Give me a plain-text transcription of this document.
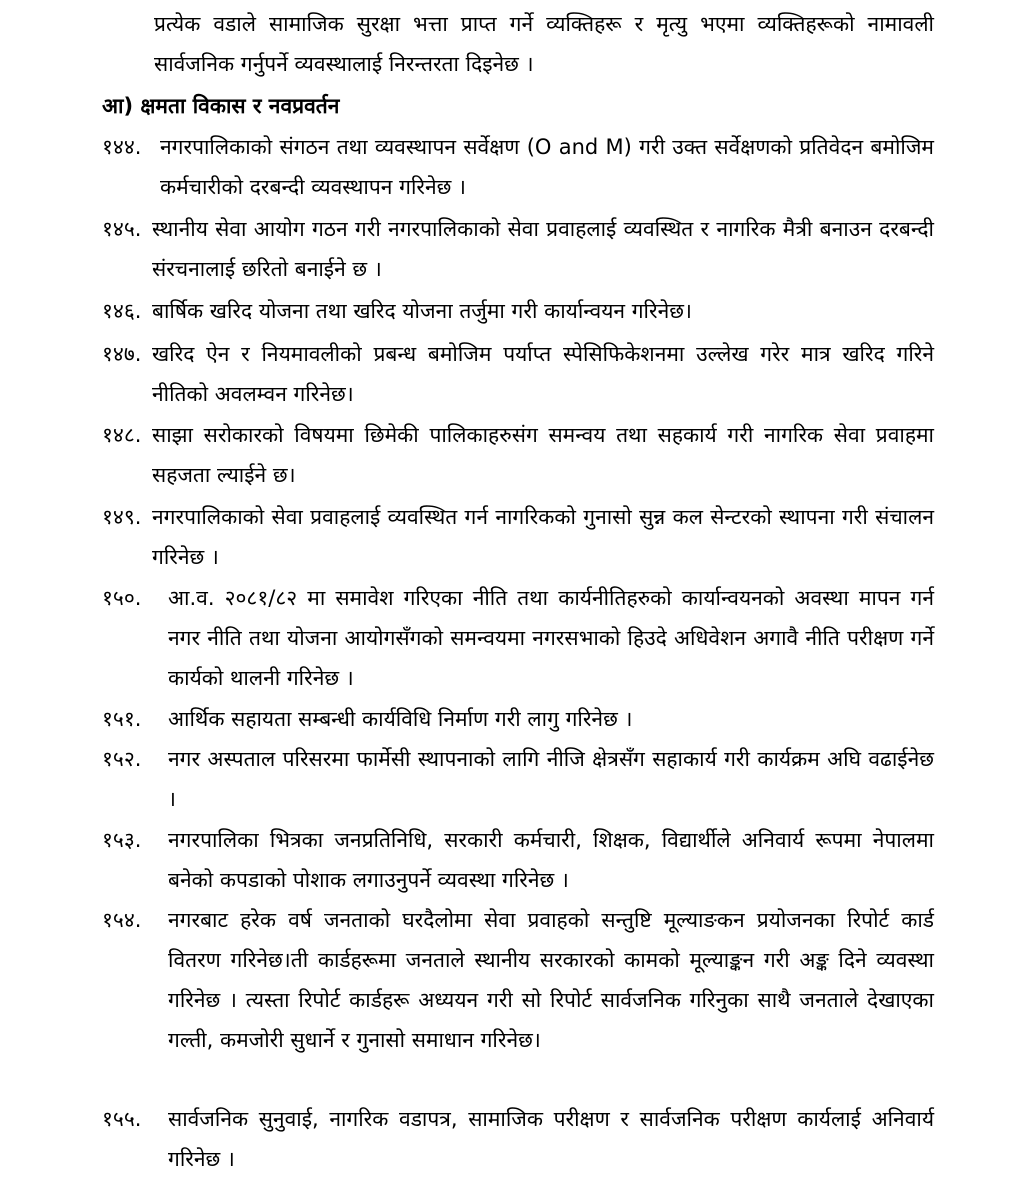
प्रत्येक वडाले सामाजिक सुरक्षा भत्ता प्राप्त गर्ने व्यक्तिहरू र मृत्यु भएमा व्यक्तिहरूको नामावली सार्वजनिक गर्नुपर्ने व्यवस्थालाई निरन्तरता दिइनेछ ।

आ) क्षमता विकास र नवप्रवर्तन
१४४. नगरपालिकाको संगठन तथा व्यवस्थापन सर्वेक्षण (O and M) गरी उक्त सर्वेक्षणको प्रतिवेदन बमोजिम कर्मचारीको दरबन्दी व्यवस्थापन गरिनेछ ।

१४५. स्थानीय सेवा आयोग गठन गरी नगरपालिकाको सेवा प्रवाहलाई व्यवस्थित र नागरिक मैत्री बनाउन दरबन्दी संरचनालाई छरितो बनाईने छ ।

१४६. बार्षिक खरिद योजना तथा खरिद योजना तर्जुमा गरी कार्यान्वयन गरिनेछ।

१४७. खरिद ऐन र नियमावलीको प्रबन्ध बमोजिम पर्याप्त स्पेसिफिकेशनमा उल्लेख गरेर मात्र खरिद गरिने नीतिको अवलम्वन गरिनेछ।

१४८. साझा सरोकारको विषयमा छिमेकी पालिकाहरुसंग समन्वय तथा सहकार्य गरी नागरिक सेवा प्रवाहमा सहजता ल्याईने छ।

१४९. नगरपालिकाको सेवा प्रवाहलाई व्यवस्थित गर्न नागरिकको गुनासो सुन्न कल सेन्टरको स्थापना गरी संचालन गरिनेछ ।

१५०.	आ.व. २०८१/८२ मा समावेश गरिएका नीति तथा कार्यनीतिहरुको कार्यान्वयनको अवस्था मापन गर्न नगर नीति तथा योजना आयोगसँगको समन्वयमा नगरसभाको हिउदे अधिवेशन अगावै नीति परीक्षण गर्ने कार्यको थालनी गरिनेछ ।

१५१.	आर्थिक सहायता सम्बन्धी कार्यविधि निर्माण गरी लागु गरिनेछ ।

१५२.	नगर अस्पताल परिसरमा फार्मेसी स्थापनाको लागि नीजि क्षेत्रसँग सहाकार्य गरी कार्यक्रम अघि वढाईनेछ ।

१५३.	नगरपालिका भित्रका जनप्रतिनिधि, सरकारी कर्मचारी, शिक्षक, विद्यार्थीले अनिवार्य रूपमा नेपालमा बनेको कपडाको पोशाक लगाउनुपर्ने व्यवस्था गरिनेछ ।

१५४.	नगरबाट हरेक वर्ष जनताको घरदैलोमा सेवा प्रवाहको सन्तुष्टि मूल्याङकन प्रयोजनका रिपोर्ट कार्ड वितरण गरिनेछ।ती कार्डहरूमा जनताले स्थानीय सरकारको कामको मूल्याङ्कन गरी अङ्क दिने व्यवस्था गरिनेछ । त्यस्ता रिपोर्ट कार्डहरू अध्ययन गरी सो रिपोर्ट सार्वजनिक गरिनुका साथै जनताले देखाएका गल्ती, कमजोरी सुधार्ने र गुनासो समाधान गरिनेछ।

१५५.	सार्वजनिक सुनुवाई, नागरिक वडापत्र, सामाजिक परीक्षण र सार्वजनिक परीक्षण कार्यलाई अनिवार्य गरिनेछ ।
